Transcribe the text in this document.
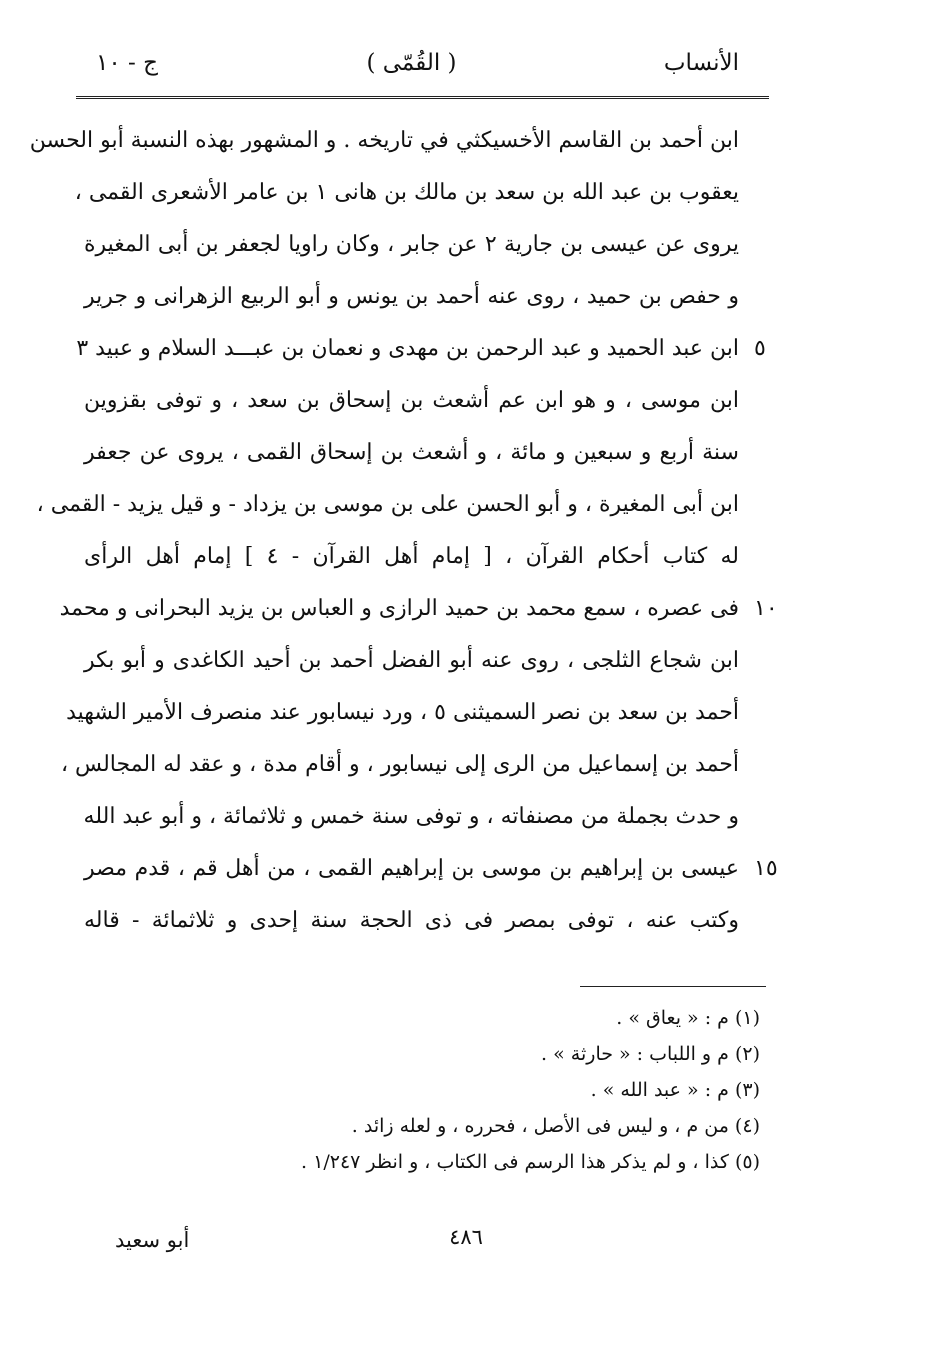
الأنساب
( القُمّى )
ج - ١٠
ابن أحمد بن القاسم الأخسيكثي في تاريخه . و المشهور بهذه النسبة أبو الحسن
يعقوب بن عبد الله بن سعد بن مالك بن هانى ١ بن عامر الأشعرى القمى ،
يروى عن عيسى بن جارية ٢ عن جابر ، وكان راويا لجعفر بن أبى المغيرة
و حفص بن حميد ، روى عنه أحمد بن يونس و أبو الربيع الزهرانى و جرير
ابن عبد الحميد و عبد الرحمن بن مهدى و نعمان بن عبـــد السلام و عبيد ٣ ٥
ابن موسى ، و هو ابن عم أشعث بن إسحاق بن سعد ، و توفى بقزوين
سنة أربع و سبعين و مائة ، و أشعث بن إسحاق القمى ، يروى عن جعفر
ابن أبى المغيرة ، و أبو الحسن على بن موسى بن يزداد - و قيل يزيد - القمى ،
له كتاب أحكام القرآن ، [ إمام أهل القرآن - ٤ ] إمام أهل الرأى
فى عصره ، سمع محمد بن حميد الرازى و العباس بن يزيد البحرانى و محمد ١٠
ابن شجاع الثلجى ، روى عنه أبو الفضل أحمد بن أحيد الكاغدى و أبو بكر
أحمد بن سعد بن نصر السميثنى ٥ ، ورد نيسابور عند منصرف الأمير الشهيد
أحمد بن إسماعيل من الرى إلى نيسابور ، و أقام مدة ، و عقد له المجالس ،
و حدث بجملة من مصنفاته ، و توفى سنة خمس و ثلاثمائة ، و أبو عبد الله
عيسى بن إبراهيم بن موسى بن إبراهيم القمى ، من أهل قم ، قدم مصر ١٥
وكتب عنه ، توفى بمصر فى ذى الحجة سنة إحدى و ثلاثمائة - قاله
(١) م : « يعاق » .
(٢) م و اللباب : « حارثة » .
(٣) م : « عبد الله » .
(٤) من م ، و ليس فى الأصل ، فحرره ، و لعله زائد .
(٥) كذا ، و لم يذكر هذا الرسم فى الكتاب ، و انظر ١/٢٤٧ .
٤٨٦
أبو سعيد
